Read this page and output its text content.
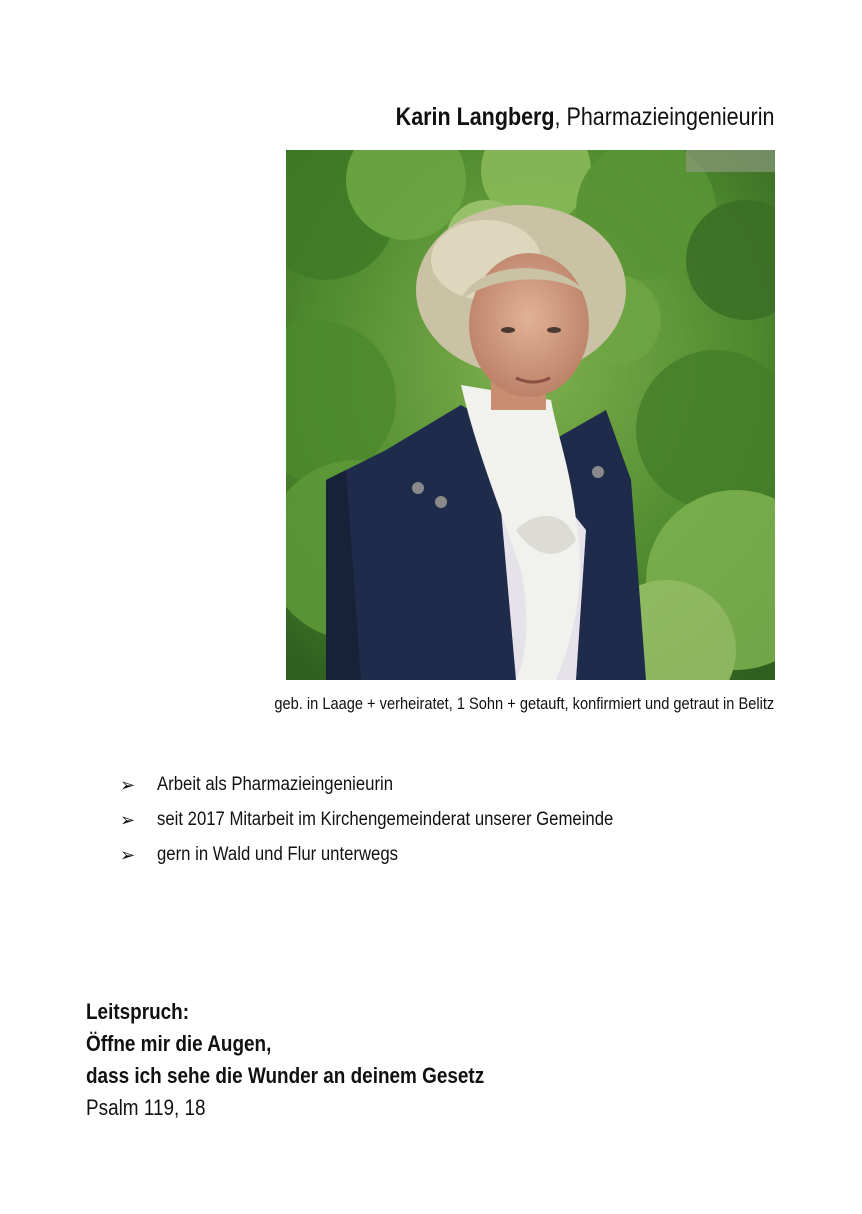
Karin Langberg, Pharmazieingenieurin
geb. in Laage + verheiratet, 1 Sohn + getauft, konfirmiert und getraut in Belitz
➢ Arbeit als Pharmazieingenieurin
➢ seit 2017 Mitarbeit im Kirchengemeinderat unserer Gemeinde
➢ gern in Wald und Flur unterwegs
Leitspruch:
Öffne mir die Augen,
dass ich sehe die Wunder an deinem Gesetz
Psalm 119, 18
